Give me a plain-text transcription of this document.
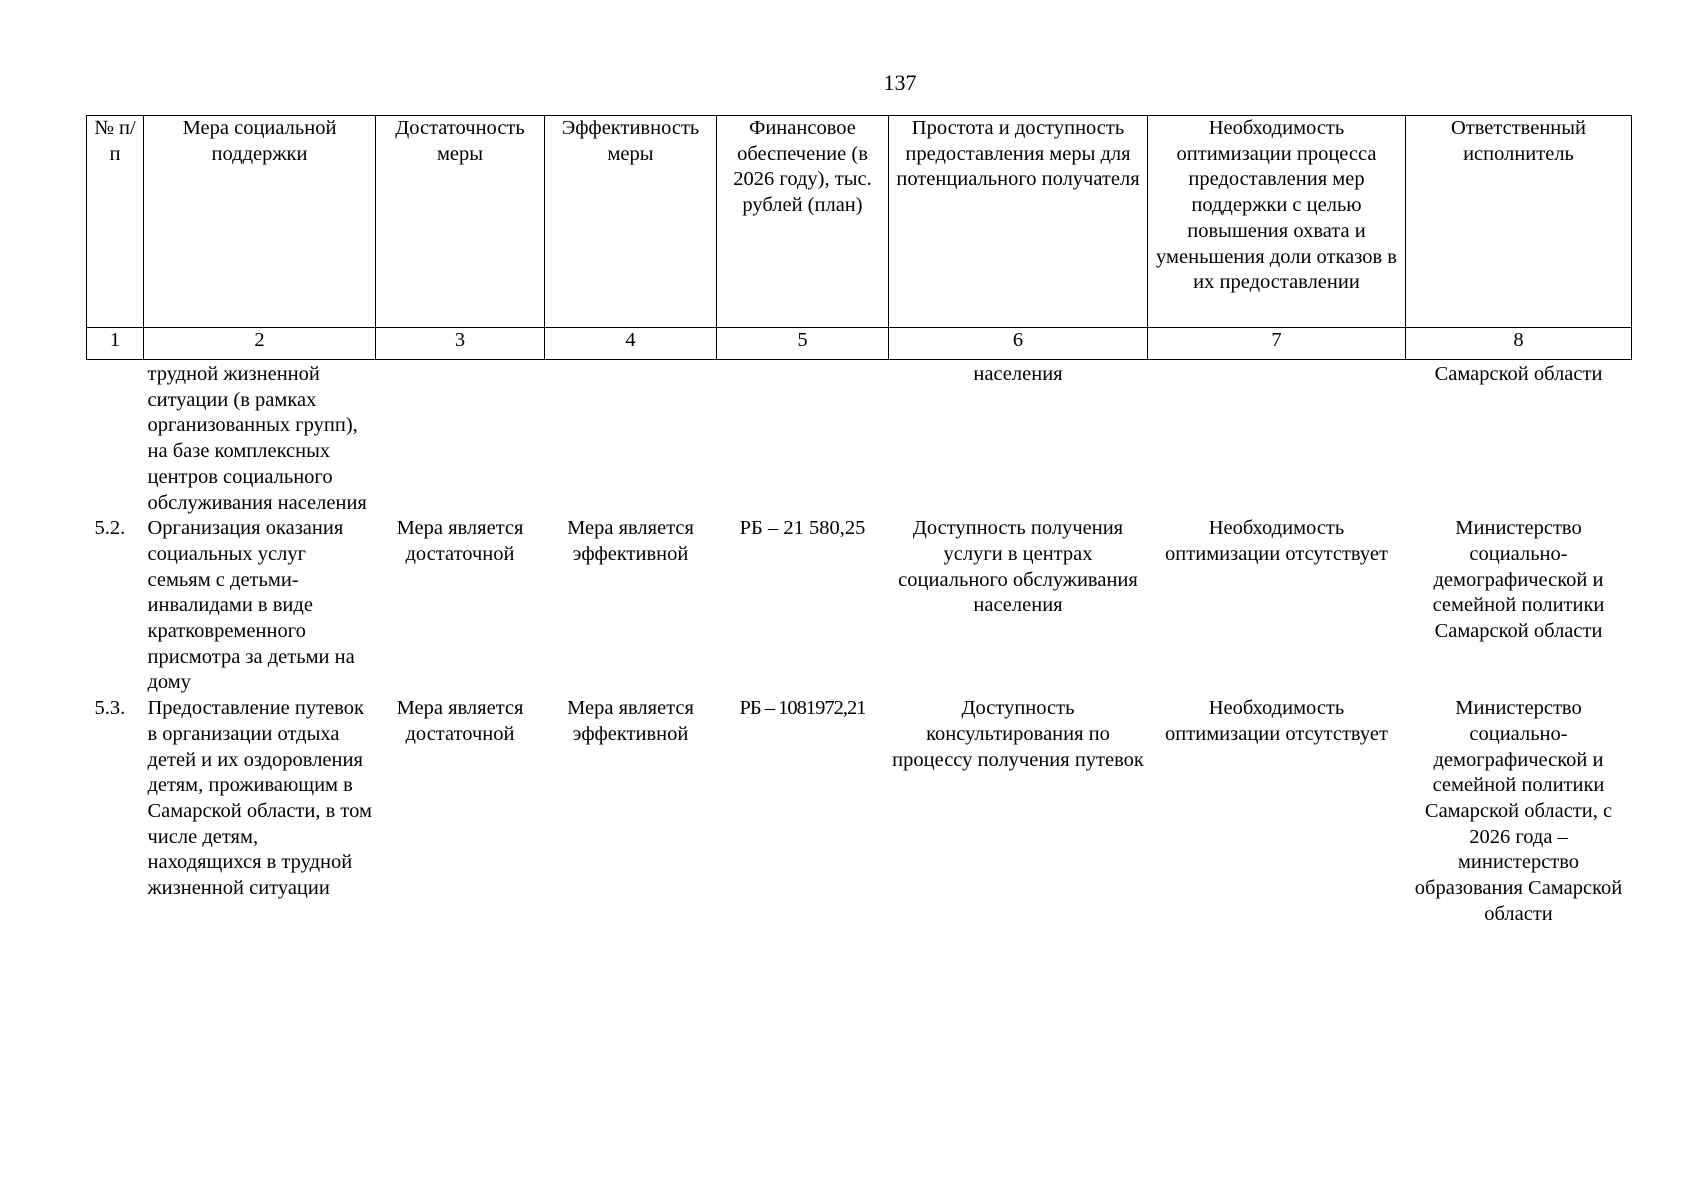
137
№ п/п	Мера социальной поддержки	Достаточность меры	Эффективность меры	Финансовое обеспечение (в 2026 году), тыс. рублей (план)	Простота и доступность предоставления меры для потенциального получателя	Необходимость оптимизации процесса предоставления мер поддержки с целью повышения охвата и уменьшения доли отказов в их предоставлении	Ответственный исполнитель
1	2	3	4	5	6	7	8
	трудной жизненной ситуации (в рамках организованных групп), на базе комплексных центров социального обслуживания населения				населения		Самарской области
5.2.	Организация оказания социальных услуг семьям с детьми-инвалидами в виде кратковременного присмотра за детьми на дому	Мера является достаточной	Мера является эффективной	РБ – 21 580,25	Доступность получения услуги в центрах социального обслуживания населения	Необходимость оптимизации отсутствует	Министерство социально-демографической и семейной политики Самарской области
5.3.	Предоставление путевок в организации отдыха детей и их оздоровления детям, проживающим в Самарской области, в том числе детям, находящихся в трудной жизненной ситуации	Мера является достаточной	Мера является эффективной	РБ – 1081972,21	Доступность консультирования по процессу получения путевок	Необходимость оптимизации отсутствует	Министерство социально-демографической и семейной политики Самарской области, с 2026 года – министерство образования Самарской области
